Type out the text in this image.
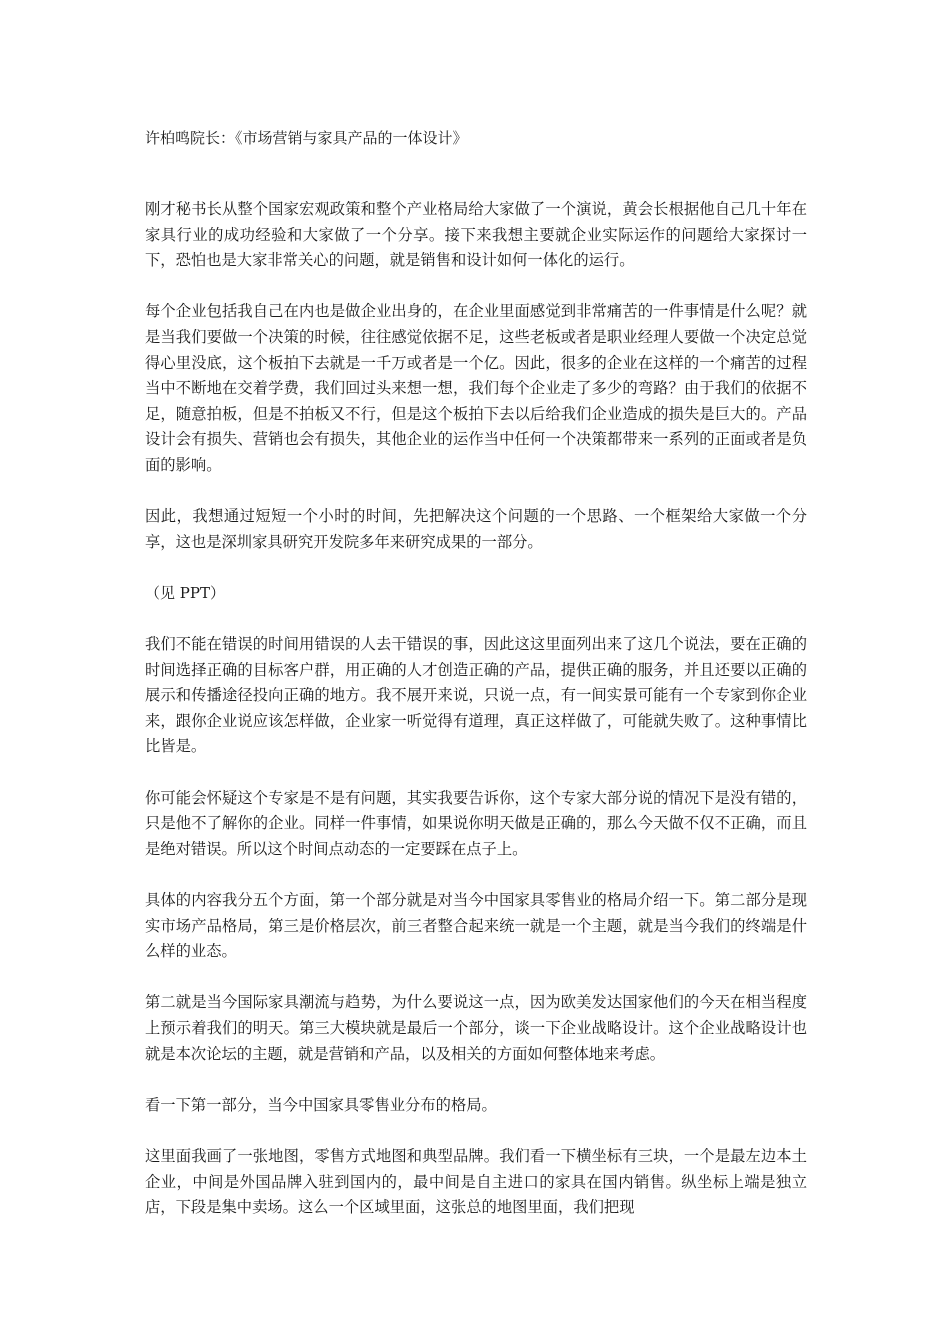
许柏鸣院长：《市场营销与家具产品的一体设计》

刚才秘书长从整个国家宏观政策和整个产业格局给大家做了一个演说，黄会长根据他自己几十年在家具行业的成功经验和大家做了一个分享。接下来我想主要就企业实际运作的问题给大家探讨一下，恐怕也是大家非常关心的问题，就是销售和设计如何一体化的运行。

每个企业包括我自己在内也是做企业出身的，在企业里面感觉到非常痛苦的一件事情是什么呢？就是当我们要做一个决策的时候，往往感觉依据不足，这些老板或者是职业经理人要做一个决定总觉得心里没底，这个板拍下去就是一千万或者是一个亿。因此，很多的企业在这样的一个痛苦的过程当中不断地在交着学费，我们回过头来想一想，我们每个企业走了多少的弯路？由于我们的依据不足，随意拍板，但是不拍板又不行，但是这个板拍下去以后给我们企业造成的损失是巨大的。产品设计会有损失、营销也会有损失，其他企业的运作当中任何一个决策都带来一系列的正面或者是负面的影响。

因此，我想通过短短一个小时的时间，先把解决这个问题的一个思路、一个框架给大家做一个分享，这也是深圳家具研究开发院多年来研究成果的一部分。

（见 PPT）

我们不能在错误的时间用错误的人去干错误的事，因此这这里面列出来了这几个说法，要在正确的时间选择正确的目标客户群，用正确的人才创造正确的产品，提供正确的服务，并且还要以正确的展示和传播途径投向正确的地方。我不展开来说，只说一点，有一间实景可能有一个专家到你企业来，跟你企业说应该怎样做，企业家一听觉得有道理，真正这样做了，可能就失败了。这种事情比比皆是。

你可能会怀疑这个专家是不是有问题，其实我要告诉你，这个专家大部分说的情况下是没有错的，只是他不了解你的企业。同样一件事情，如果说你明天做是正确的，那么今天做不仅不正确，而且是绝对错误。所以这个时间点动态的一定要踩在点子上。

具体的内容我分五个方面，第一个部分就是对当今中国家具零售业的格局介绍一下。第二部分是现实市场产品格局，第三是价格层次，前三者整合起来统一就是一个主题，就是当今我们的终端是什么样的业态。

第二就是当今国际家具潮流与趋势，为什么要说这一点，因为欧美发达国家他们的今天在相当程度上预示着我们的明天。第三大模块就是最后一个部分，谈一下企业战略设计。这个企业战略设计也就是本次论坛的主题，就是营销和产品，以及相关的方面如何整体地来考虑。

看一下第一部分，当今中国家具零售业分布的格局。

这里面我画了一张地图，零售方式地图和典型品牌。我们看一下横坐标有三块，一个是最左边本土企业，中间是外国品牌入驻到国内的，最中间是自主进口的家具在国内销售。纵坐标上端是独立店，下段是集中卖场。这么一个区域里面，这张总的地图里面，我们把现
